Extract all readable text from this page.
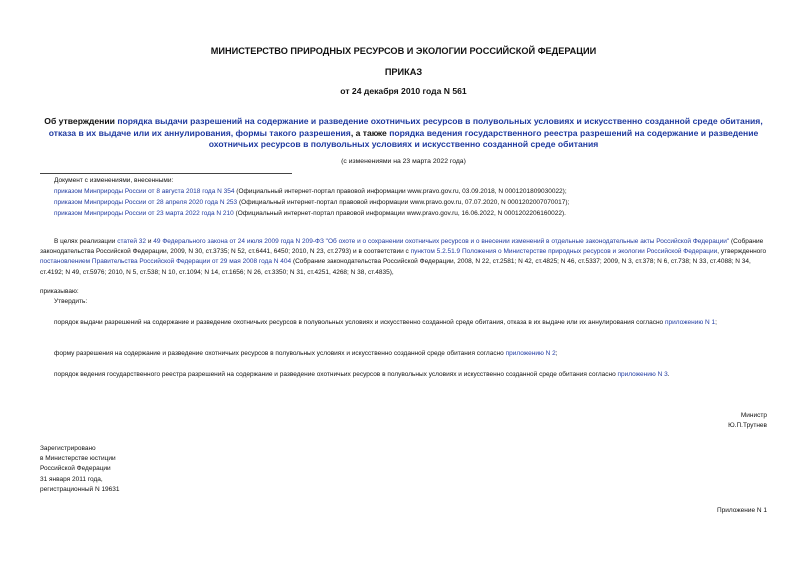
МИНИСТЕРСТВО ПРИРОДНЫХ РЕСУРСОВ И ЭКОЛОГИИ РОССИЙСКОЙ ФЕДЕРАЦИИ
ПРИКАЗ
от 24 декабря 2010 года N 561
Об утверждении порядка выдачи разрешений на содержание и разведение охотничьих ресурсов в полувольных условиях и искусственно созданной среде обитания, отказа в их выдаче или их аннулирования, формы такого разрешения, а также порядка ведения государственного реестра разрешений на содержание и разведение охотничьих ресурсов в полувольных условиях и искусственно созданной среде обитания
(с изменениями на 23 марта 2022 года)
Документ с изменениями, внесенными:
приказом Минприроды России от 8 августа 2018 года N 354 (Официальный интернет-портал правовой информации www.pravo.gov.ru, 03.09.2018, N 0001201809030022);
приказом Минприроды России от 28 апреля 2020 года N 253 (Официальный интернет-портал правовой информации www.pravo.gov.ru, 07.07.2020, N 0001202007070017);
приказом Минприроды России от 23 марта 2022 года N 210 (Официальный интернет-портал правовой информации www.pravo.gov.ru, 16.06.2022, N 0001202206160022).
В целях реализации статей 32 и 49 Федерального закона от 24 июля 2009 года N 209-ФЗ "Об охоте и о сохранении охотничьих ресурсов и о внесении изменений в отдельные законодательные акты Российской Федерации" (Собрание законодательства Российской Федерации, 2009, N 30, ст.3735; N 52, ст.6441, 6450; 2010, N 23, ст.2793) и в соответствии с пунктом 5.2.51.9 Положения о Министерстве природных ресурсов и экологии Российской Федерации, утвержденного постановлением Правительства Российской Федерации от 29 мая 2008 года N 404 (Собрание законодательства Российской Федерации, 2008, N 22, ст.2581; N 42, ст.4825; N 46, ст.5337; 2009, N 3, ст.378; N 6, ст.738; N 33, ст.4088; N 34, ст.4192; N 49, ст.5976; 2010, N 5, ст.538; N 10, ст.1094; N 14, ст.1656; N 26, ст.3350; N 31, ст.4251, 4268; N 38, ст.4835),
приказываю:
Утвердить:
порядок выдачи разрешений на содержание и разведение охотничьих ресурсов в полувольных условиях и искусственно созданной среде обитания, отказа в их выдаче или их аннулирования согласно приложению N 1;
форму разрешения на содержание и разведение охотничьих ресурсов в полувольных условиях и искусственно созданной среде обитания согласно приложению N 2;
порядок ведения государственного реестра разрешений на содержание и разведение охотничьих ресурсов в полувольных условиях и искусственно созданной среде обитания согласно приложению N 3.
Министр
Ю.П.Трутнев
Зарегистрировано
в Министерстве юстиции
Российской Федерации
31 января 2011 года,
регистрационный N 19631
Приложение N 1
